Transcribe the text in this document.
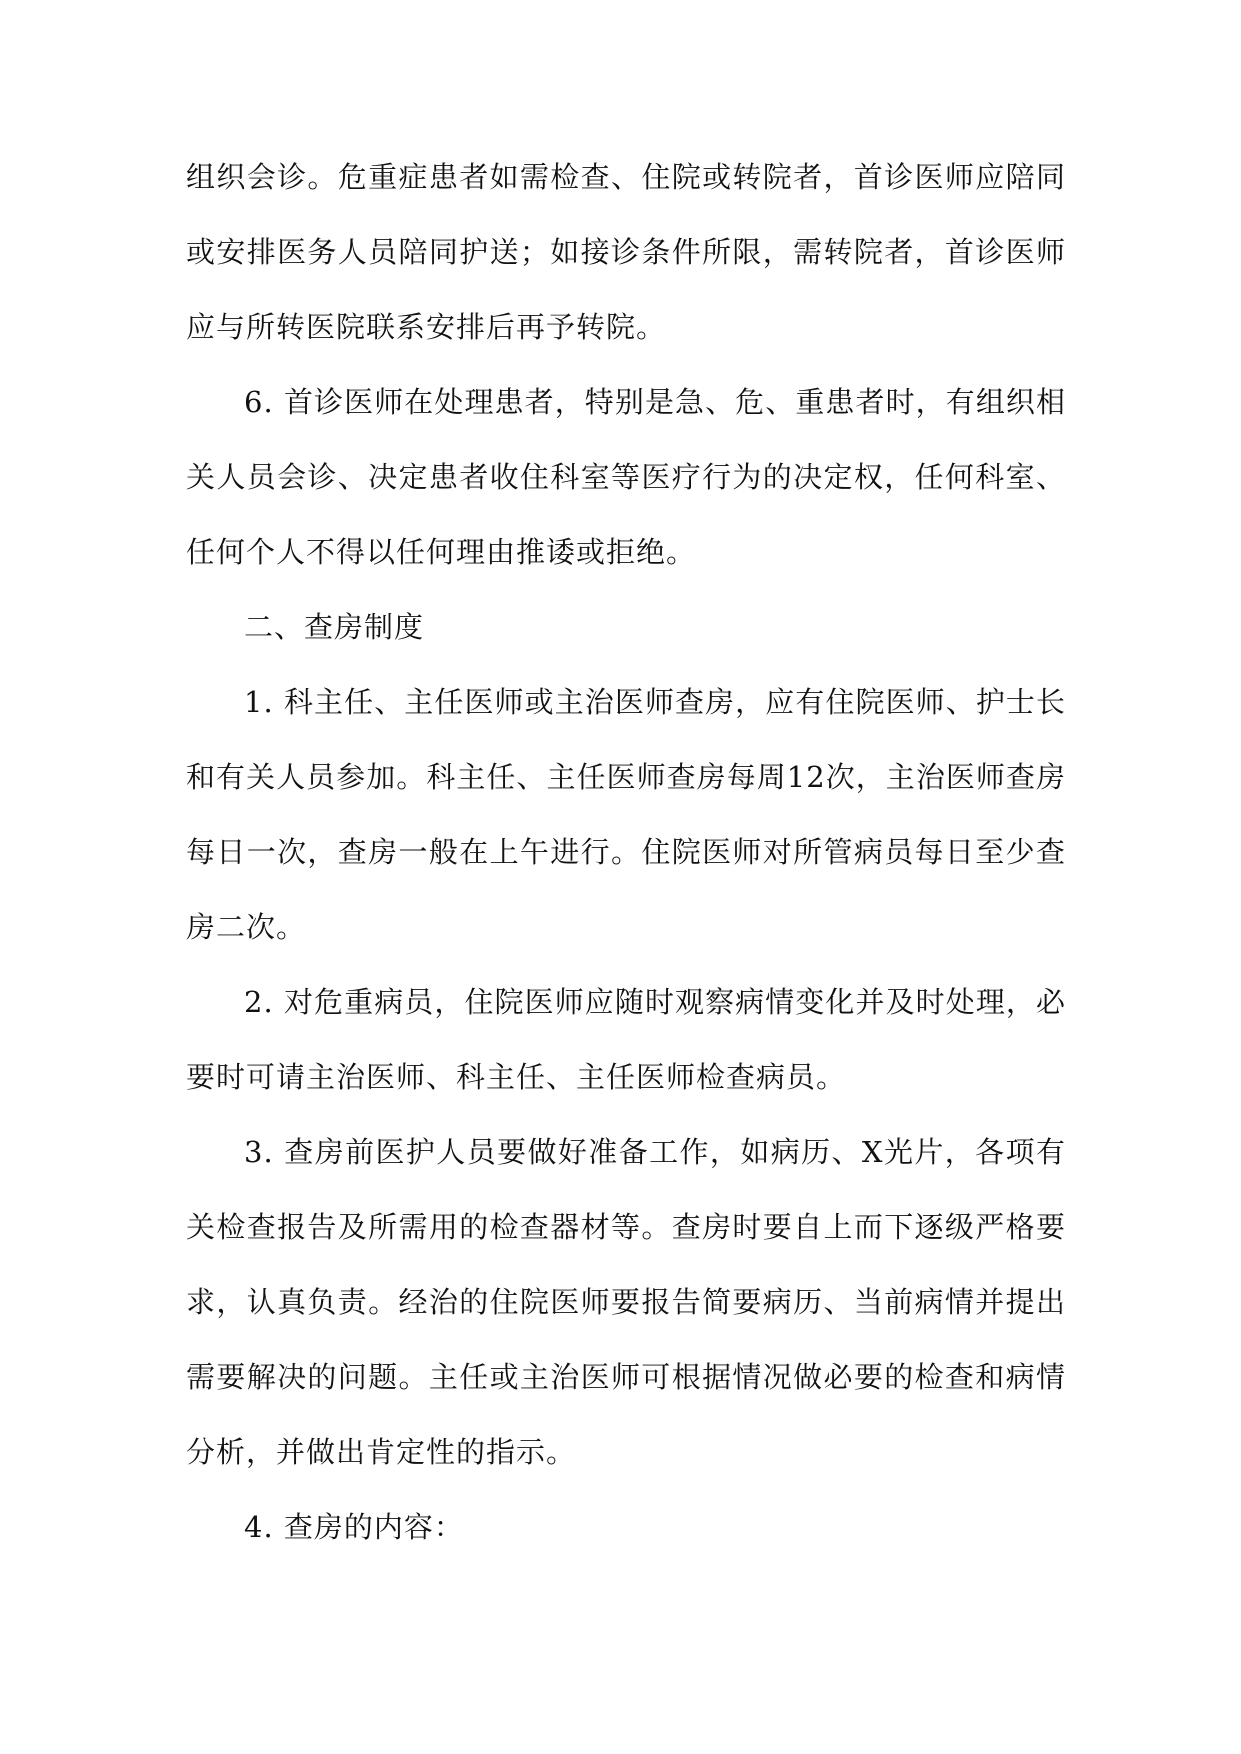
组织会诊。危重症患者如需检查、住院或转院者，首诊医师应陪同或安排医务人员陪同护送；如接诊条件所限，需转院者，首诊医师应与所转医院联系安排后再予转院。

6. 首诊医师在处理患者，特别是急、危、重患者时，有组织相关人员会诊、决定患者收住科室等医疗行为的决定权，任何科室、任何个人不得以任何理由推诿或拒绝。

二、查房制度

1. 科主任、主任医师或主治医师查房，应有住院医师、护士长和有关人员参加。科主任、主任医师查房每周12次，主治医师查房每日一次，查房一般在上午进行。住院医师对所管病员每日至少查房二次。

2. 对危重病员，住院医师应随时观察病情变化并及时处理，必要时可请主治医师、科主任、主任医师检查病员。

3. 查房前医护人员要做好准备工作，如病历、X光片，各项有关检查报告及所需用的检查器材等。查房时要自上而下逐级严格要求，认真负责。经治的住院医师要报告简要病历、当前病情并提出需要解决的问题。主任或主治医师可根据情况做必要的检查和病情分析，并做出肯定性的指示。

4. 查房的内容：
